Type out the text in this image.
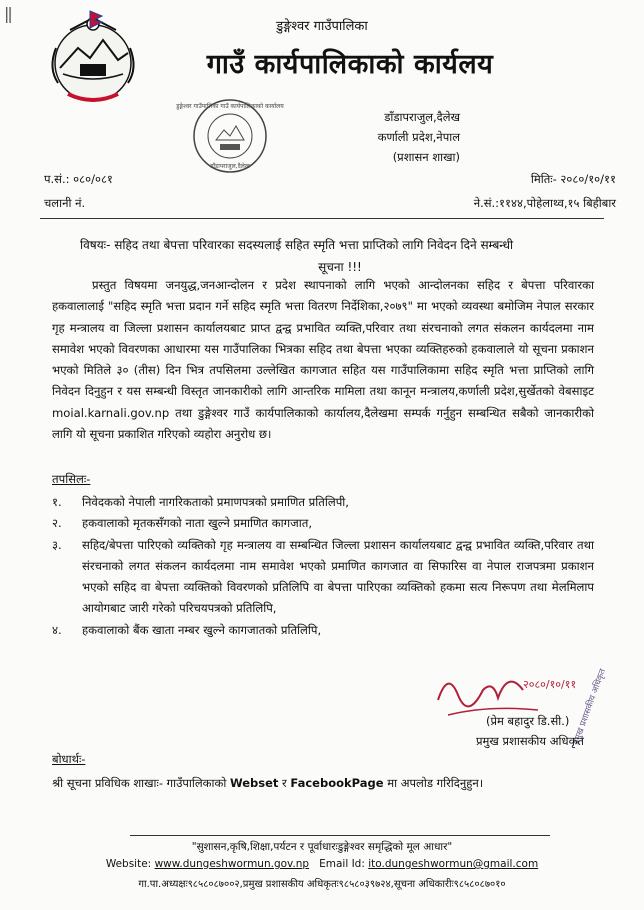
||
डुङ्गेश्वर गाउँपालिका
गाउँ कार्यपालिकाको कार्यलय
डाँडापराजुल,दैलेख
कर्णाली प्रदेश,नेपाल
(प्रशासन शाखा)
डुङ्गेश्वर गाउँपालिका गाउँ कार्यपालिकाको कार्यालय
डाँडापराजुल,दैलेख
प.सं.: ०८०/०८१
चलानी नं.
मितिः- २०८०/१०/११
ने.सं.:११४४,पोहेलाथ्व,१५ बिहीबार
विषयः- सहिद तथा बेपत्ता परिवारका सदस्यलाई सहित स्मृति भत्ता प्राप्तिको लागि निवेदन दिने सम्बन्धी
सूचना !!!
प्रस्तुत विषयमा जनयुद्ध,जनआन्दोलन र प्रदेश स्थापनाको लागि भएको आन्दोलनका सहिद र बेपत्ता परिवारका हकवालालाई "सहिद स्मृति भत्ता प्रदान गर्ने सहिद स्मृति भत्ता वितरण निर्देशिका,२०७९" मा भएको व्यवस्था बमोजिम नेपाल सरकार गृह मन्त्रालय वा जिल्ला प्रशासन कार्यालयबाट प्राप्त द्वन्द्व प्रभावित व्यक्ति,परिवार तथा संरचनाको लगत संकलन कार्यदलमा नाम समावेश भएको विवरणका आधारमा यस गाउँपालिका भित्रका सहिद तथा बेपत्ता भएका व्यक्तिहरुको हकवालाले यो सूचना प्रकाशन भएको मितिले ३० (तीस) दिन भित्र तपसिलमा उल्लेखित कागजात सहित यस गाउँपालिकामा सहिद स्मृति भत्ता प्राप्तिको लागि निवेदन दिनुहुन र यस सम्बन्धी विस्तृत जानकारीको लागि आन्तरिक मामिला तथा कानून मन्त्रालय,कर्णाली प्रदेश,सुर्खेतको वेबसाइट moial.karnali.gov.np तथा डुङ्गेश्वर गाउँ कार्यपालिकाको कार्यालय,दैलेखमा सम्पर्क गर्नुहुन सम्बन्धित सबैको जानकारीको लागि यो सूचना प्रकाशित गरिएको व्यहोरा अनुरोध छ।
तपसिलः-
१.	निवेदकको नेपाली नागरिकताको प्रमाणपत्रको प्रमाणित प्रतिलिपी,
२.	हकवालाको मृतकसँगको नाता खुल्ने प्रमाणित कागजात,
३.	सहिद/बेपत्ता पारिएको व्यक्तिको गृह मन्त्रालय वा सम्बन्धित जिल्ला प्रशासन कार्यालयबाट द्वन्द्व प्रभावित व्यक्ति,परिवार तथा संरचनाको लगत संकलन कार्यदलमा नाम समावेश भएको प्रमाणित कागजात वा सिफारिस वा नेपाल राजपत्रमा प्रकाशन भएको सहिद वा बेपत्ता व्यक्तिको विवरणको प्रतिलिपि वा बेपत्ता पारिएका व्यक्तिको हकमा सत्य निरूपण तथा मेलमिलाप आयोगबाट जारी गरेको परिचयपत्रको प्रतिलिपि,
४.	हकवालाको बैंक खाता नम्बर खुल्ने कागजातको प्रतिलिपि,
२०८०/१०/११
प्रमुख प्रशासकीय अधिकृत
(प्रेम बहादुर डि.सी.)
प्रमुख प्रशासकीय अधिकृत
बोधार्थः-
श्री सूचना प्रविधिक शाखाः- गाउँपालिकाको Webset र FacebookPage मा अपलोड गरिदिनुहुन।
"सुशासन,कृषि,शिक्षा,पर्यटन र पूर्वाधारःडुङ्गेश्वर समृद्धिको मूल आधार"
Website: www.dungeshwormun.gov.np Email Id: ito.dungeshwormun@gmail.com
गा.पा.अध्यक्षः९८५८०८७००२,प्रमुख प्रशासकीय अधिकृतः९८५८०३९७२४,सूचना अधिकारीः९८५८०८७०१०
